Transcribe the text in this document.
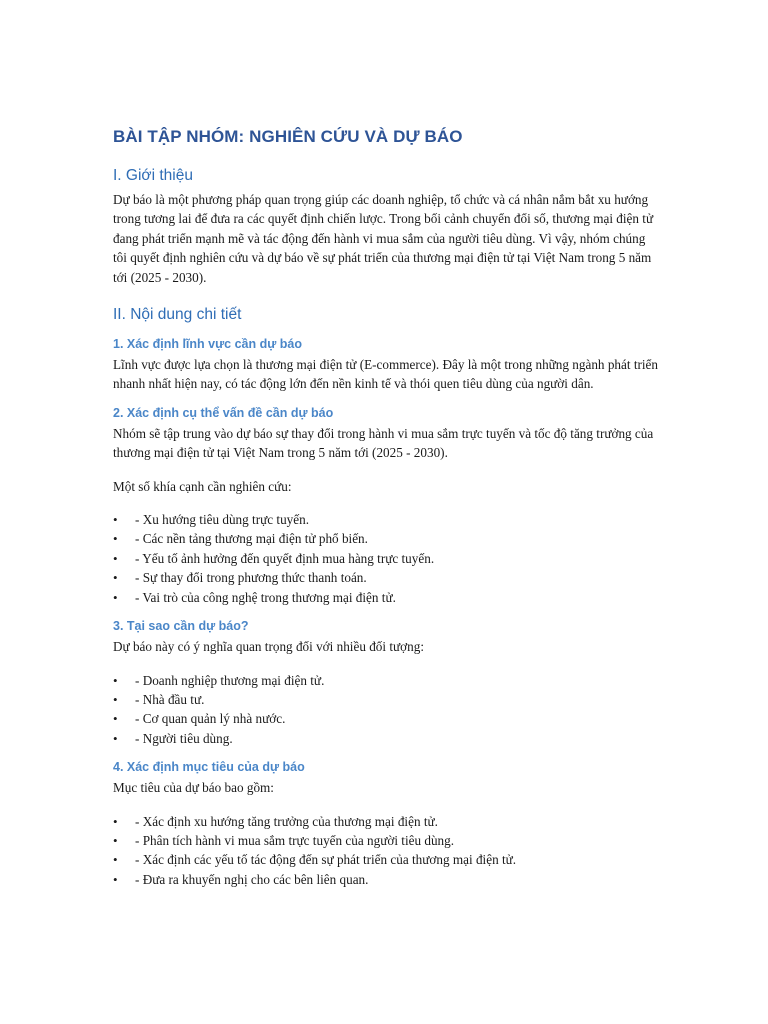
BÀI TẬP NHÓM: NGHIÊN CỨU VÀ DỰ BÁO
I. Giới thiệu

Dự báo là một phương pháp quan trọng giúp các doanh nghiệp, tổ chức và cá nhân nắm bắt xu hướng trong tương lai để đưa ra các quyết định chiến lược. Trong bối cảnh chuyển đổi số, thương mại điện tử đang phát triển mạnh mẽ và tác động đến hành vi mua sắm của người tiêu dùng. Vì vậy, nhóm chúng tôi quyết định nghiên cứu và dự báo về sự phát triển của thương mại điện tử tại Việt Nam trong 5 năm tới (2025 - 2030).

II. Nội dung chi tiết
1. Xác định lĩnh vực cần dự báo

Lĩnh vực được lựa chọn là thương mại điện tử (E-commerce). Đây là một trong những ngành phát triển nhanh nhất hiện nay, có tác động lớn đến nền kinh tế và thói quen tiêu dùng của người dân.

2. Xác định cụ thể vấn đề cần dự báo

Nhóm sẽ tập trung vào dự báo sự thay đổi trong hành vi mua sắm trực tuyến và tốc độ tăng trưởng của thương mại điện tử tại Việt Nam trong 5 năm tới (2025 - 2030).

Một số khía cạnh cần nghiên cứu:

• - Xu hướng tiêu dùng trực tuyến.
• - Các nền tảng thương mại điện tử phổ biến.
• - Yếu tố ảnh hưởng đến quyết định mua hàng trực tuyến.
• - Sự thay đổi trong phương thức thanh toán.
• - Vai trò của công nghệ trong thương mại điện tử.
3. Tại sao cần dự báo?

Dự báo này có ý nghĩa quan trọng đối với nhiều đối tượng:

• - Doanh nghiệp thương mại điện tử.
• - Nhà đầu tư.
• - Cơ quan quản lý nhà nước.
• - Người tiêu dùng.
4. Xác định mục tiêu của dự báo

Mục tiêu của dự báo bao gồm:

• - Xác định xu hướng tăng trưởng của thương mại điện tử.
• - Phân tích hành vi mua sắm trực tuyến của người tiêu dùng.
• - Xác định các yếu tố tác động đến sự phát triển của thương mại điện tử.
• - Đưa ra khuyến nghị cho các bên liên quan.
